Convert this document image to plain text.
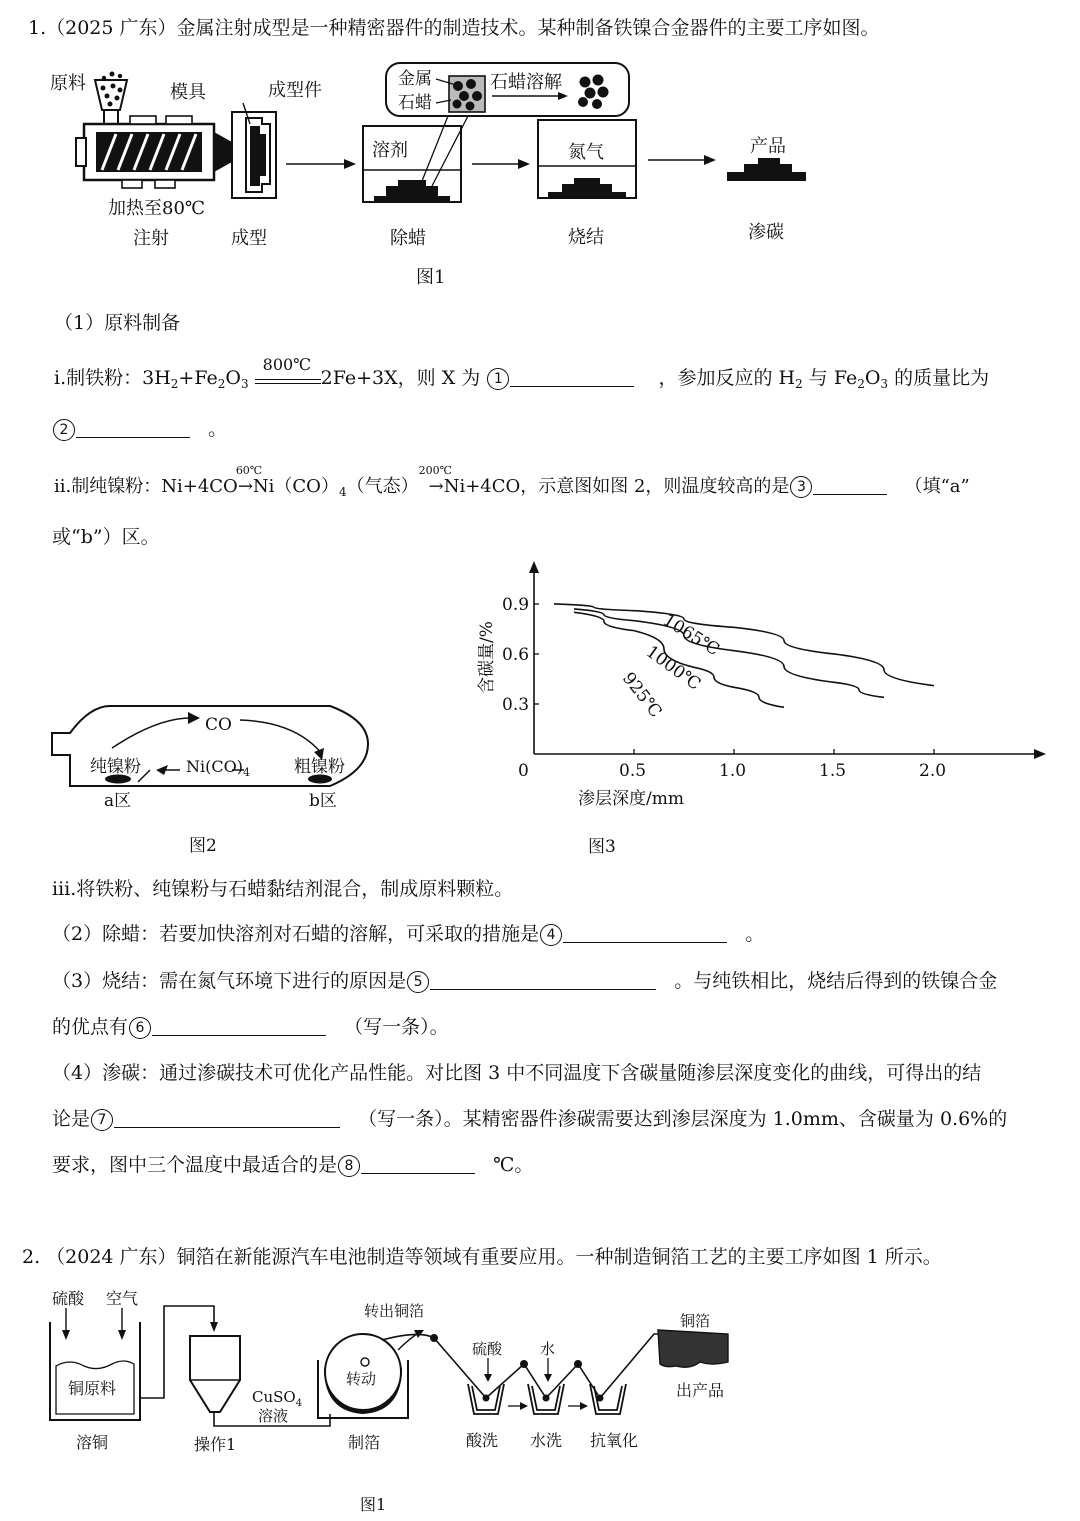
1.（2025 广东）金属注射成型是一种精密器件的制造技术。某种制备铁镍合金器件的主要工序如图。
原料	模具	成型件
加热至80℃
注射	成型
溶剂
除蜡
金属
石蜡
石蜡溶解
氮气
烧结
产品
渗碳
图1
（1）原料制备
ⅰ.制铁粉：$3H_2+Fe_2O_3$
800℃
2Fe+3X，则 X 为 1	，参加反应的 $H_2$ 与 $Fe_2O_3$ 的质量比为
2	。
ⅱ.制纯镍粉：Ni+4CO
60℃
$\to Ni(CO)_4$（气态）
200℃
→Ni+4CO，示意图如图 2，则温度较高的是 3	（填“a”
或“b”）区。
CO
纯镍粉	$Ni(CO)_4$	粗镍粉
a区	b区
图2
0.5	1.0	1.5	2.0
0.3
0.6
0.9
0
渗层深度/mm
含碳量/%
图3
1065℃
1000℃
925℃
ⅲ.将铁粉、纯镍粉与石蜡黏结剂混合，制成原料颗粒。
（2）除蜡：若要加快溶剂对石蜡的溶解，可采取的措施是 4	。
（3）烧结：需在氮气环境下进行的原因是 5	。与纯铁相比，烧结后得到的铁镍合金
的优点有 6	（写一条）。
（4）渗碳：通过渗碳技术可优化产品性能。对比图 3 中不同温度下含碳量随渗层深度变化的曲线，可得出的结
论是 7	（写一条）。某精密器件渗碳需要达到渗层深度为 1.0mm、含碳量为 0.6%的
要求，图中三个温度中最适合的是 8	℃。
2. （2024 广东）铜箔在新能源汽车电池制造等领域有重要应用。一种制造铜箔工艺的主要工序如图 1 所示。
硫酸 空气
铜原料
溶铜	操作1
CuSO$_4$
溶液
转动
转出铜箔
制箔
硫酸	水
酸洗 水洗 抗氧化
铜箔
出产品
图1
